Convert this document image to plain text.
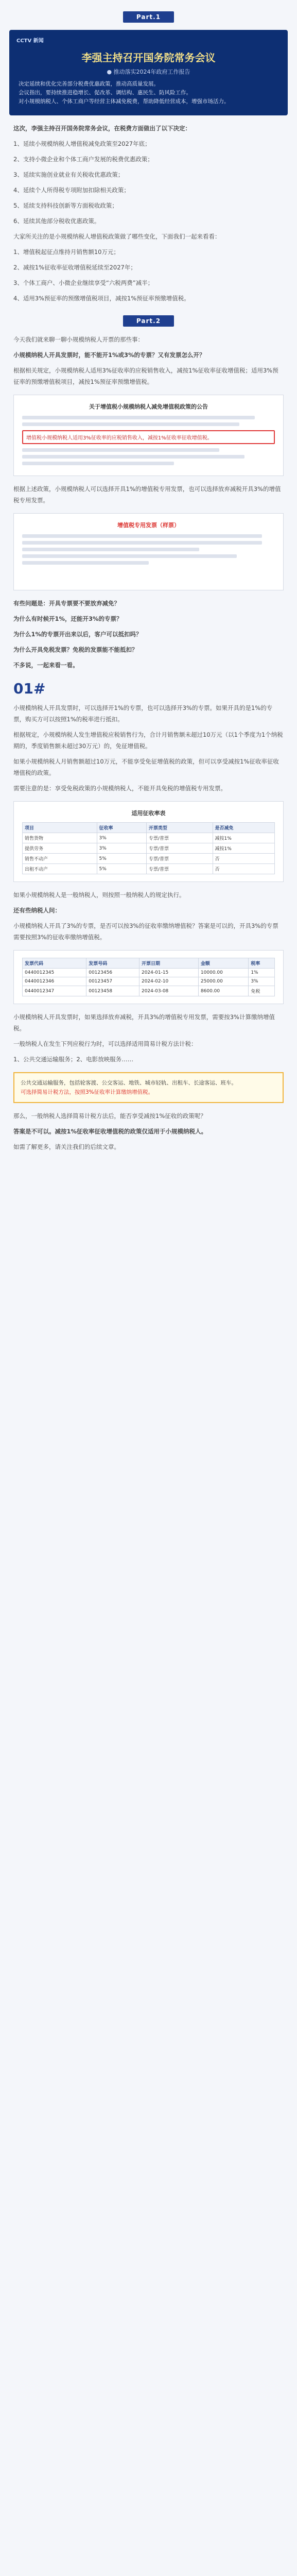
Part.1
CCTV 新闻
李强主持召开国务院常务会议
● 推动落实2024年政府工作报告

决定延续和优化完善部分税费优惠政策，推动高质量发展。

会议指出，要持续推进稳增长、促改革、调结构、惠民生、防风险工作。

对小规模纳税人、个体工商户等经营主体减免税费，帮助降低经营成本，增强市场活力。

这次，李强主持召开国务院常务会议，在税费方面做出了以下决定：

1、延续小规模纳税人增值税减免政策至2027年底；

2、支持小微企业和个体工商户发展的税费优惠政策；

3、延续实施创业就业有关税收优惠政策；

4、延续个人所得税专项附加扣除相关政策；

5、延续支持科技创新等方面税收政策；

6、延续其他部分税收优惠政策。

大家所关注的是小规模纳税人增值税政策做了哪些变化，下面我们一起来看看：

1、增值税起征点维持月销售额10万元；

2、减按1%征收率征收增值税延续至2027年；

3、个体工商户、小微企业继续享受“六税两费”减半；

4、适用3%预征率的预缴增值税项目，减按1%预征率预缴增值税。

Part.2

今天我们就来聊一聊小规模纳税人开票的那些事：

小规模纳税人开具发票时，能不能开1%或3%的专票？又有发票怎么开？

根据相关规定，小规模纳税人适用3%征收率的应税销售收入，减按1%征收率征收增值税；适用3%预征率的预缴增值税项目，减按1%预征率预缴增值税。

关于增值税小规模纳税人减免增值税政策的公告
增值税小规模纳税人适用3%征收率的应税销售收入，减按1%征收率征收增值税。

根据上述政策，小规模纳税人可以选择开具1%的增值税专用发票，也可以选择放弃减税开具3%的增值税专用发票。

增值税专用发票（样票）

有些问题是：开具专票要不要放弃减免？

为什么有时候开1%，还能开3%的专票？

为什么1%的专票开出来以后，客户可以抵扣吗？

为什么开具免税发票？免税的发票能不能抵扣？

不多说，一起来看一看。

01#

小规模纳税人开具发票时，可以选择开1%的专票，也可以选择开3%的专票。如果开具的是1%的专票，购买方可以按照1%的税率进行抵扣。

根据规定，小规模纳税人发生增值税应税销售行为，合计月销售额未超过10万元（以1个季度为1个纳税期的，季度销售额未超过30万元）的，免征增值税。

如果小规模纳税人月销售额超过10万元，不能享受免征增值税的政策，但可以享受减按1%征收率征收增值税的政策。

需要注意的是：享受免税政策的小规模纳税人，不能开具免税的增值税专用发票。

适用征收率表
项目	征收率	开票类型	是否减免
销售货物	3%	专票/普票	减按1%
提供劳务	3%	专票/普票	减按1%
销售不动产	5%	专票/普票	否
出租不动产	5%	专票/普票	否

如果小规模纳税人是一般纳税人，则按照一般纳税人的规定执行。

还有些纳税人问：

小规模纳税人开具了3%的专票，是否可以按3%的征收率缴纳增值税？答案是可以的，开具3%的专票需要按照3%的征收率缴纳增值税。

发票代码	发票号码	开票日期	金额	税率
0440012345	00123456	2024-01-15	10000.00	1%
0440012346	00123457	2024-02-10	25000.00	3%
0440012347	00123458	2024-03-08	8600.00	免税

小规模纳税人开具发票时，如果选择放弃减税，开具3%的增值税专用发票，需要按3%计算缴纳增值税。

一般纳税人在发生下列应税行为时，可以选择适用简易计税方法计税：

1、公共交通运输服务；2、电影放映服务……

公共交通运输服务，包括轮客渡、公交客运、地铁、城市轻轨、出租车、长途客运、班车。
可选择简易计税方法，按照3%征收率计算缴纳增值税。

那么，一般纳税人选择简易计税方法后，能否享受减按1%征收的政策呢？

答案是不可以。减按1%征收率征收增值税的政策仅适用于小规模纳税人。

如需了解更多，请关注我们的后续文章。
